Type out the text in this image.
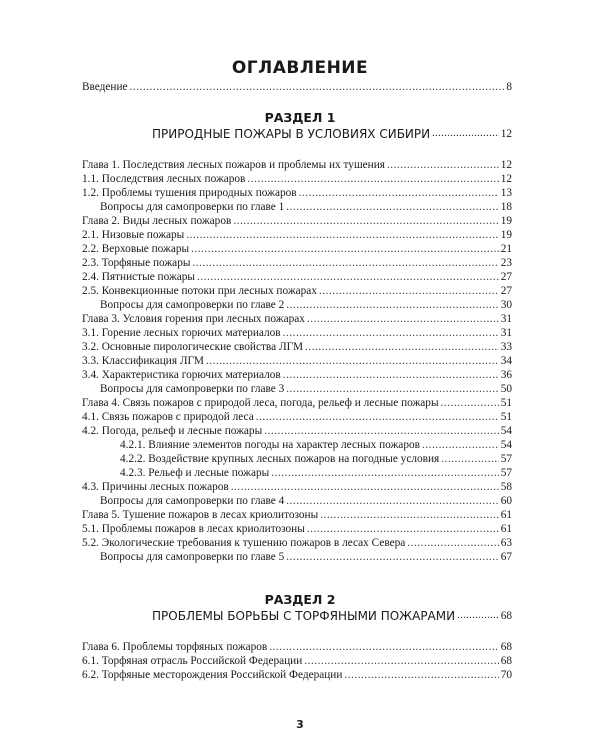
ОГЛАВЛЕНИЕ
Введение .....	8
РАЗДЕЛ 1
ПРИРОДНЫЕ ПОЖАРЫ В УСЛОВИЯХ СИБИРИ .....	12
Глава 1. Последствия лесных пожаров и проблемы их тушения .....	12
1.1. Последствия лесных пожаров .....	12
1.2. Проблемы тушения природных пожаров .....	13
Вопросы для самопроверки по главе 1 .....	18
Глава 2. Виды лесных пожаров .....	19
2.1. Низовые пожары .....	19
2.2. Верховые пожары .....	21
2.3. Торфяные пожары .....	23
2.4. Пятнистые пожары .....	27
2.5. Конвекционные потоки при лесных пожарах .....	27
Вопросы для самопроверки по главе 2 .....	30
Глава 3. Условия горения при лесных пожарах .....	31
3.1. Горение лесных горючих материалов .....	31
3.2. Основные пирологические свойства ЛГМ .....	33
3.3. Классификация ЛГМ .....	34
3.4. Характеристика горючих материалов .....	36
Вопросы для самопроверки по главе 3 .....	50
Глава 4. Связь пожаров с природой леса, погода, рельеф и лесные пожары .....	51
4.1. Связь пожаров с природой леса .....	51
4.2. Погода, рельеф и лесные пожары .....	54
4.2.1. Влияние элементов погоды на характер лесных пожаров .....	54
4.2.2. Воздействие крупных лесных пожаров на погодные условия .....	57
4.2.3. Рельеф и лесные пожары .....	57
4.3. Причины лесных пожаров .....	58
Вопросы для самопроверки по главе 4 .....	60
Глава 5. Тушение пожаров в лесах криолитозоны .....	61
5.1. Проблемы пожаров в лесах криолитозоны .....	61
5.2. Экологические требования к тушению пожаров в лесах Севера .....	63
Вопросы для самопроверки по главе 5 .....	67
РАЗДЕЛ 2
ПРОБЛЕМЫ БОРЬБЫ С ТОРФЯНЫМИ ПОЖАРАМИ .....	68
Глава 6. Проблемы торфяных пожаров .....	68
6.1. Торфяная отрасль Российской Федерации .....	68
6.2. Торфяные месторождения Российской Федерации .....	70
3
